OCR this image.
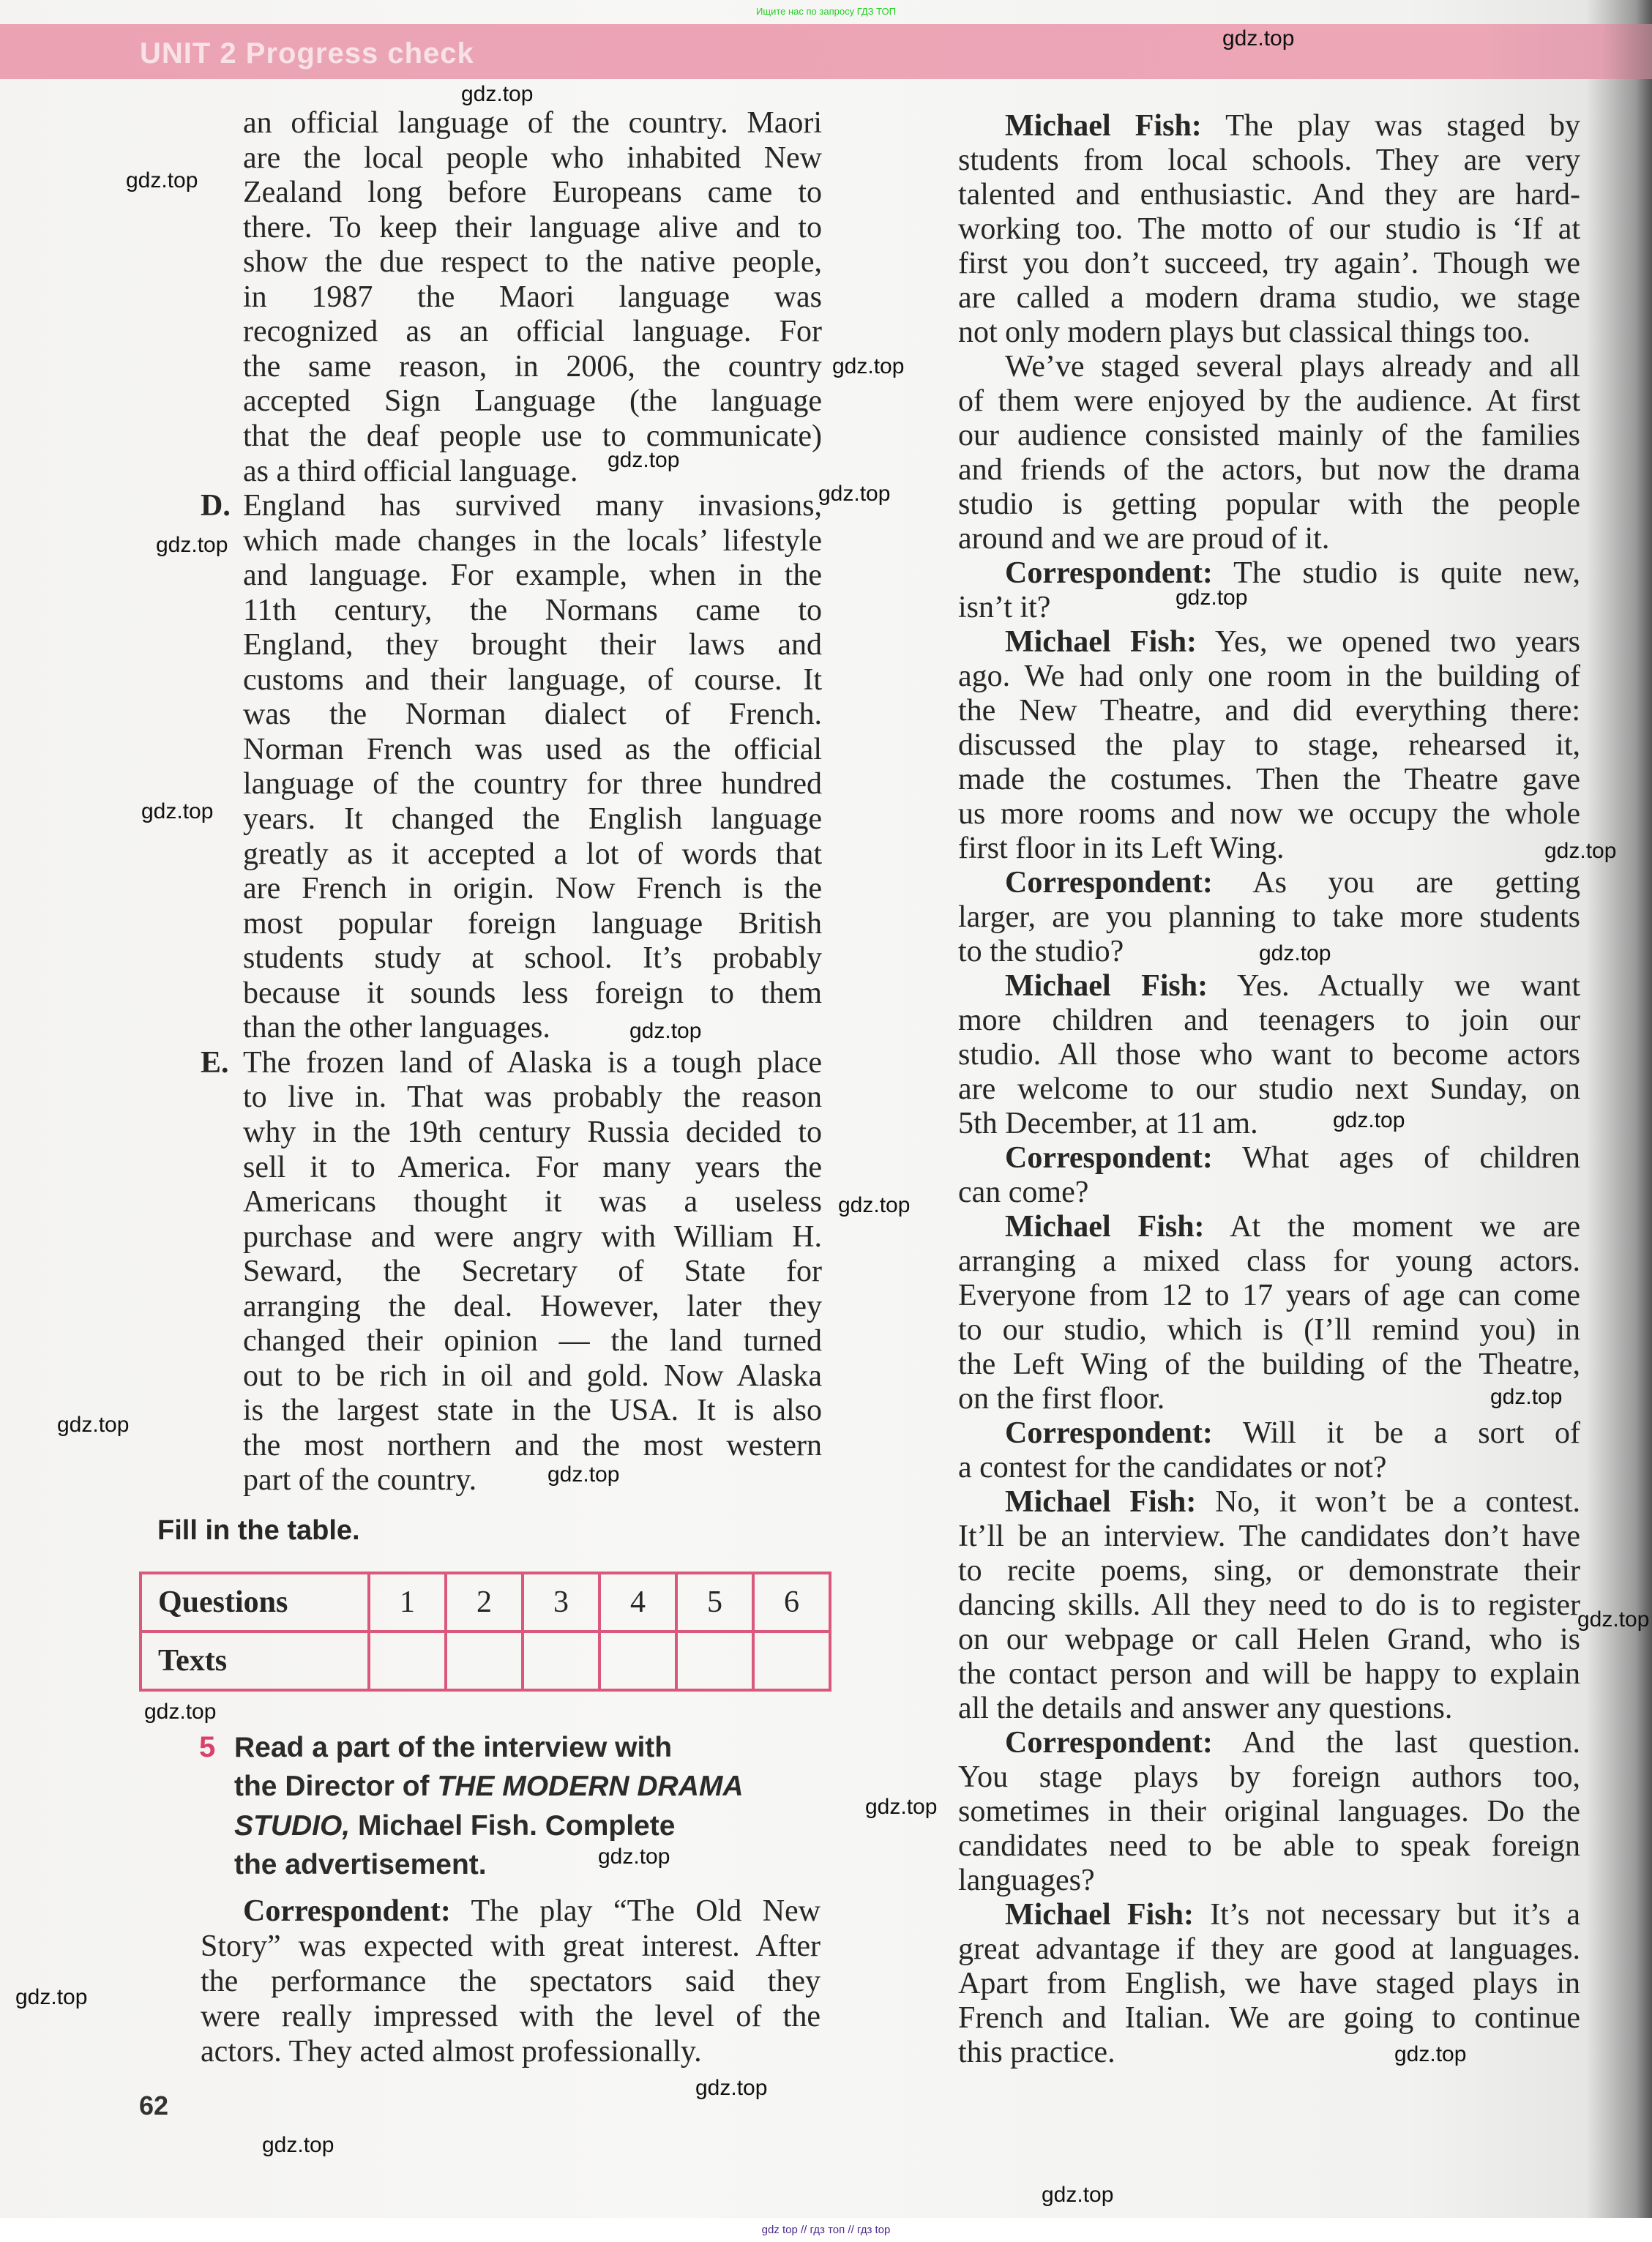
Ищите нас по запросу ГДЗ ТОП
UNIT 2 Progress check
an official language of the country. Maori
are the local people who inhabited New
Zealand long before Europeans came to
there. To keep their language alive and to
show the due respect to the native people,
in 1987 the Maori language was
recognized as an official language. For
the same reason, in 2006, the country
accepted Sign Language (the language
that the deaf people use to communicate)
as a third official language.
D. England has survived many invasions,
which made changes in the locals’ lifestyle
and language. For example, when in the
11th century, the Normans came to
England, they brought their laws and
customs and their language, of course. It
was the Norman dialect of French.
Norman French was used as the official
language of the country for three hundred
years. It changed the English language
greatly as it accepted a lot of words that
are French in origin. Now French is the
most popular foreign language British
students study at school. It’s probably
because it sounds less foreign to them
than the other languages.
E. The frozen land of Alaska is a tough place
to live in. That was probably the reason
why in the 19th century Russia decided to
sell it to America. For many years the
Americans thought it was a useless
purchase and were angry with William H.
Seward, the Secretary of State for
arranging the deal. However, later they
changed their opinion — the land turned
out to be rich in oil and gold. Now Alaska
is the largest state in the USA. It is also
the most northern and the most western
part of the country.
Fill in the table.
Questions	1	2	3	4	5	6
Texts						
5 Read a part of the interview with
the Director of THE MODERN DRAMA
STUDIO, Michael Fish. Complete
the advertisement.
Correspondent: The play “The Old New
Story” was expected with great interest. After
the performance the spectators said they
were really impressed with the level of the
actors. They acted almost professionally.
62
Michael Fish: The play was staged by
students from local schools. They are very
talented and enthusiastic. And they are hard-
working too. The motto of our studio is ‘If at
first you don’t succeed, try again’. Though we
are called a modern drama studio, we stage
not only modern plays but classical things too.
We’ve staged several plays already and all
of them were enjoyed by the audience. At first
our audience consisted mainly of the families
and friends of the actors, but now the drama
studio is getting popular with the people
around and we are proud of it.
Correspondent: The studio is quite new,
isn’t it?
Michael Fish: Yes, we opened two years
ago. We had only one room in the building of
the New Theatre, and did everything there:
discussed the play to stage, rehearsed it,
made the costumes. Then the Theatre gave
us more rooms and now we occupy the whole
first floor in its Left Wing.
Correspondent: As you are getting
larger, are you planning to take more students
to the studio?
Michael Fish: Yes. Actually we want
more children and teenagers to join our
studio. All those who want to become actors
are welcome to our studio next Sunday, on
5th December, at 11 am.
Correspondent: What ages of children
can come?
Michael Fish: At the moment we are
arranging a mixed class for young actors.
Everyone from 12 to 17 years of age can come
to our studio, which is (I’ll remind you) in
the Left Wing of the building of the Theatre,
on the first floor.
Correspondent: Will it be a sort of
a contest for the candidates or not?
Michael Fish: No, it won’t be a contest.
It’ll be an interview. The candidates don’t have
to recite poems, sing, or demonstrate their
dancing skills. All they need to do is to register
on our webpage or call Helen Grand, who is
the contact person and will be happy to explain
all the details and answer any questions.
Correspondent: And the last question.
You stage plays by foreign authors too,
sometimes in their original languages. Do the
candidates need to be able to speak foreign
languages?
Michael Fish: It’s not necessary but it’s a
great advantage if they are good at languages.
Apart from English, we have staged plays in
French and Italian. We are going to continue
this practice.
gdz.top
gdz.top
gdz.top
gdz.top
gdz.top
gdz.top
gdz.top
gdz.top
gdz.top
gdz.top
gdz.top
gdz.top
gdz.top
gdz.top
gdz.top
gdz.top
gdz.top
gdz.top
gdz.top
gdz.top
gdz.top
gdz.top
gdz.top
gdz.top
gdz.top
gdz.top
gdz top // гдз топ // гдз top
